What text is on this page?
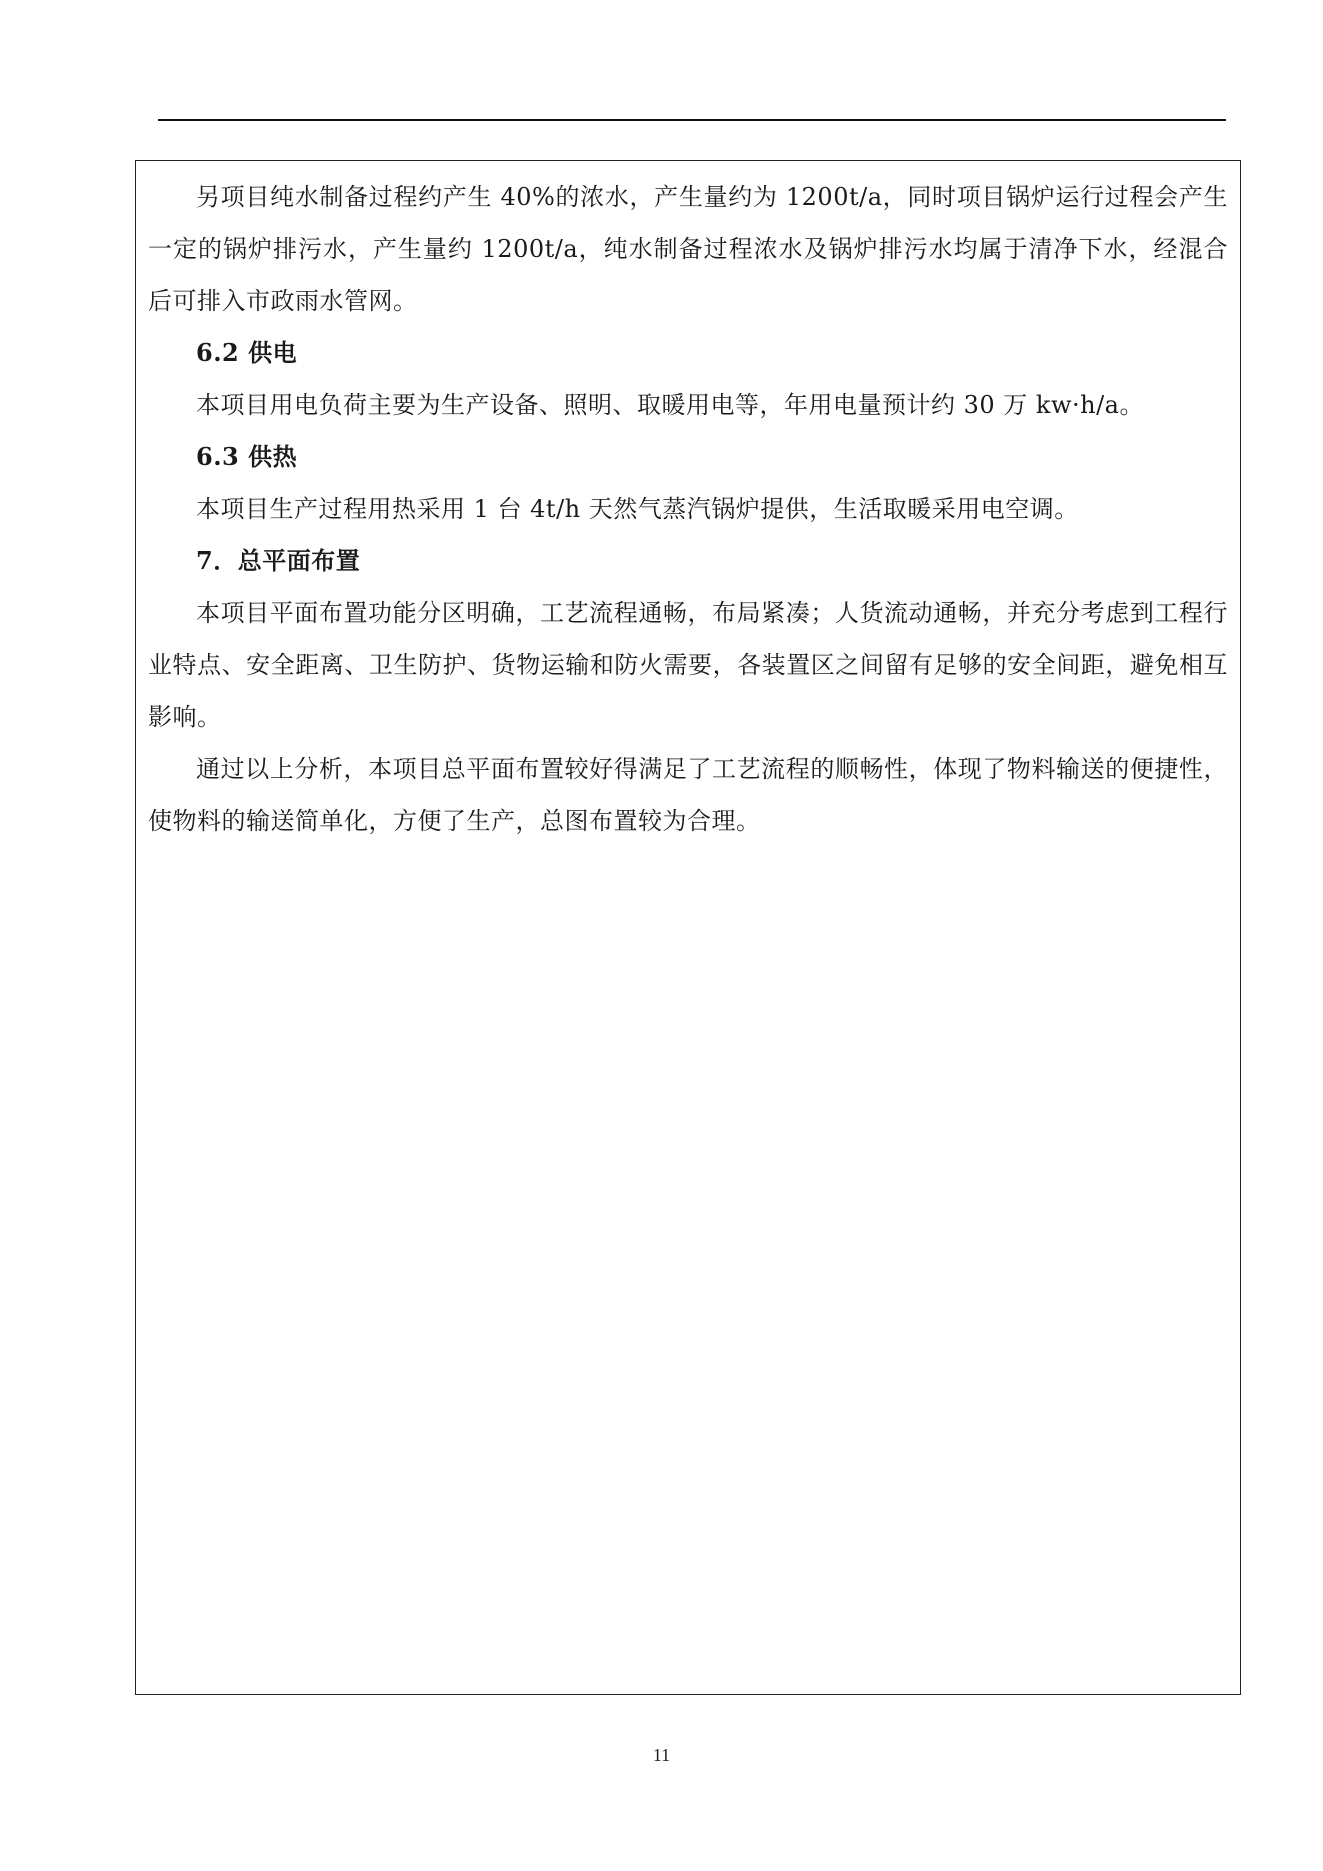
另项目纯水制备过程约产生 40%的浓水，产生量约为 1200t/a，同时项目锅炉运行过程会产生一定的锅炉排污水，产生量约 1200t/a，纯水制备过程浓水及锅炉排污水均属于清净下水，经混合后可排入市政雨水管网。

6.2 供电

本项目用电负荷主要为生产设备、照明、取暖用电等，年用电量预计约 30 万 kw·h/a。

6.3 供热

本项目生产过程用热采用 1 台 4t/h 天然气蒸汽锅炉提供，生活取暖采用电空调。

7．总平面布置

本项目平面布置功能分区明确，工艺流程通畅，布局紧凑；人货流动通畅，并充分考虑到工程行业特点、安全距离、卫生防护、货物运输和防火需要，各装置区之间留有足够的安全间距，避免相互影响。

通过以上分析，本项目总平面布置较好得满足了工艺流程的顺畅性，体现了物料输送的便捷性，使物料的输送简单化，方便了生产，总图布置较为合理。

11
